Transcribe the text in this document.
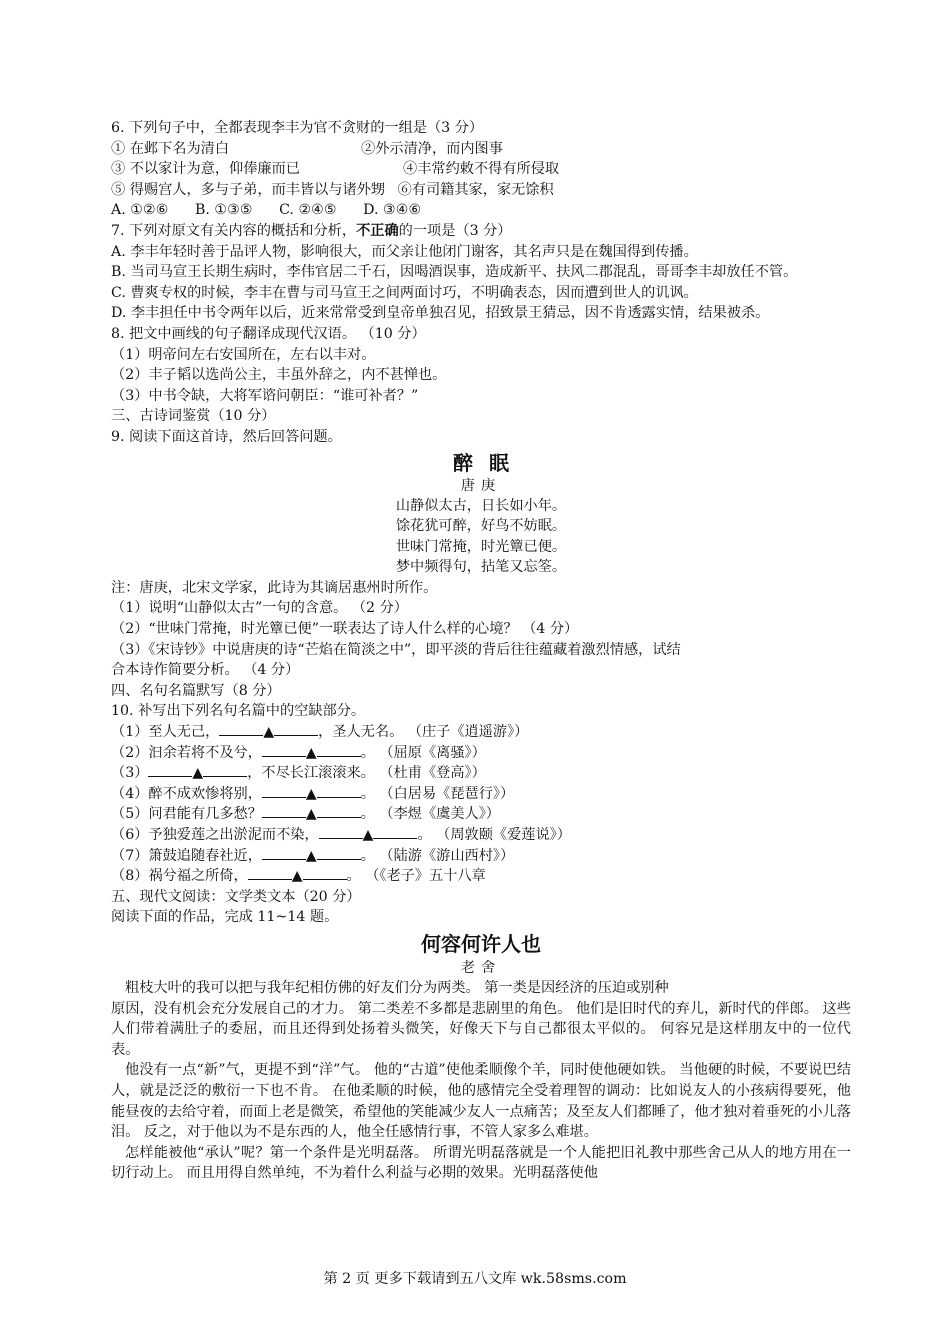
6. 下列句子中，全都表现李丰为官不贪财的一组是（3 分）
① 在邺下名为清白	②外示清净，而内图事
③ 不以家计为意，仰俸廉而已	④丰常约敕不得有所侵取
⑤ 得赐宫人，多与子弟，而丰皆以与诸外甥 ⑥有司籍其家，家无馀积
A. ①②⑥ B. ①③⑤ C. ②④⑤ D. ③④⑥
7. 下列对原文有关内容的概括和分析，不正确的一项是（3 分）
A. 李丰年轻时善于品评人物，影响很大，而父亲让他闭门谢客，其名声只是在魏国得到传播。
B. 当司马宣王长期生病时，李伟官居二千石，因喝酒误事，造成新平、扶风二郡混乱，哥哥李丰却放任不管。
C. 曹爽专权的时候，李丰在曹与司马宣王之间两面讨巧，不明确表态，因而遭到世人的讥讽。
D. 李丰担任中书令两年以后，近来常常受到皇帝单独召见，招致景王猜忌，因不肯透露实情，结果被杀。
8. 把文中画线的句子翻译成现代汉语。 （10 分）
（1）明帝问左右安国所在，左右以丰对。
（2）丰子韬以选尚公主，丰虽外辞之，内不甚惮也。
（3）中书令缺，大将军谘问朝臣：“谁可补者？”
三、古诗词鉴赏（10 分）
9. 阅读下面这首诗，然后回答问题。
醉眠
唐庚
山静似太古，日长如小年。
馀花犹可醉，好鸟不妨眠。
世味门常掩，时光簟已便。
梦中频得句，拈笔又忘筌。
注：唐庚，北宋文学家，此诗为其谪居惠州时所作。
（1）说明“山静似太古”一句的含意。 （2 分）
（2）“世味门常掩，时光簟已便”一联表达了诗人什么样的心境？ （4 分）
（3）《宋诗钞》中说唐庚的诗“芒焰在简淡之中”，即平淡的背后往往蕴藏着激烈情感，试结
合本诗作简要分析。 （4 分）
四、名句名篇默写（8 分）
10. 补写出下列名句名篇中的空缺部分。
（1）至人无己，	▲	，圣人无名。 （庄子《逍遥游》）
（2）汩余若将不及兮，	▲	。 （屈原《离骚》）
（3）	▲	，不尽长江滚滚来。 （杜甫《登高》）
（4）醉不成欢惨将别，	▲	。 （白居易《琵琶行》）
（5）问君能有几多愁？	▲	。 （李煜《虞美人》）
（6）予独爱莲之出淤泥而不染，	▲	。 （周敦颐《爱莲说》）
（7）箫鼓追随春社近，	▲	。 （陆游《游山西村》）
（8）祸兮福之所倚，	▲	。 （《老子》五十八章
五、现代文阅读：文学类文本（20 分）
阅读下面的作品，完成 11~14 题。
何容何许人也
老舍
粗枝大叶的我可以把与我年纪相仿佛的好友们分为两类。 第一类是因经济的压迫或别种
原因，没有机会充分发展自己的才力。 第二类差不多都是悲剧里的角色。 他们是旧时代的弃儿，新时代的伴郎。 这些人们带着满肚子的委屈，而且还得到处扬着头微笑，好像天下与自己都很太平似的。 何容兄是这样朋友中的一位代表。
他没有一点“新”气，更提不到“洋”气。 他的“古道”使他柔顺像个羊，同时使他硬如铁。 当他硬的时候，不要说巴结人，就是泛泛的敷衍一下也不肯。 在他柔顺的时候，他的感情完全受着理智的调动：比如说友人的小孩病得要死，他能昼夜的去给守着，而面上老是微笑，希望他的笑能减少友人一点痛苦；及至友人们都睡了，他才独对着垂死的小儿落泪。 反之，对于他以为不是东西的人，他全任感情行事，不管人家多么难堪。
怎样能被他“承认”呢？第一个条件是光明磊落。 所谓光明磊落就是一个人能把旧礼教中那些舍己从人的地方用在一切行动上。 而且用得自然单纯，不为着什么利益与必期的效果。光明磊落使他
第 2 页 更多下载请到五八文库 wk.58sms.com
